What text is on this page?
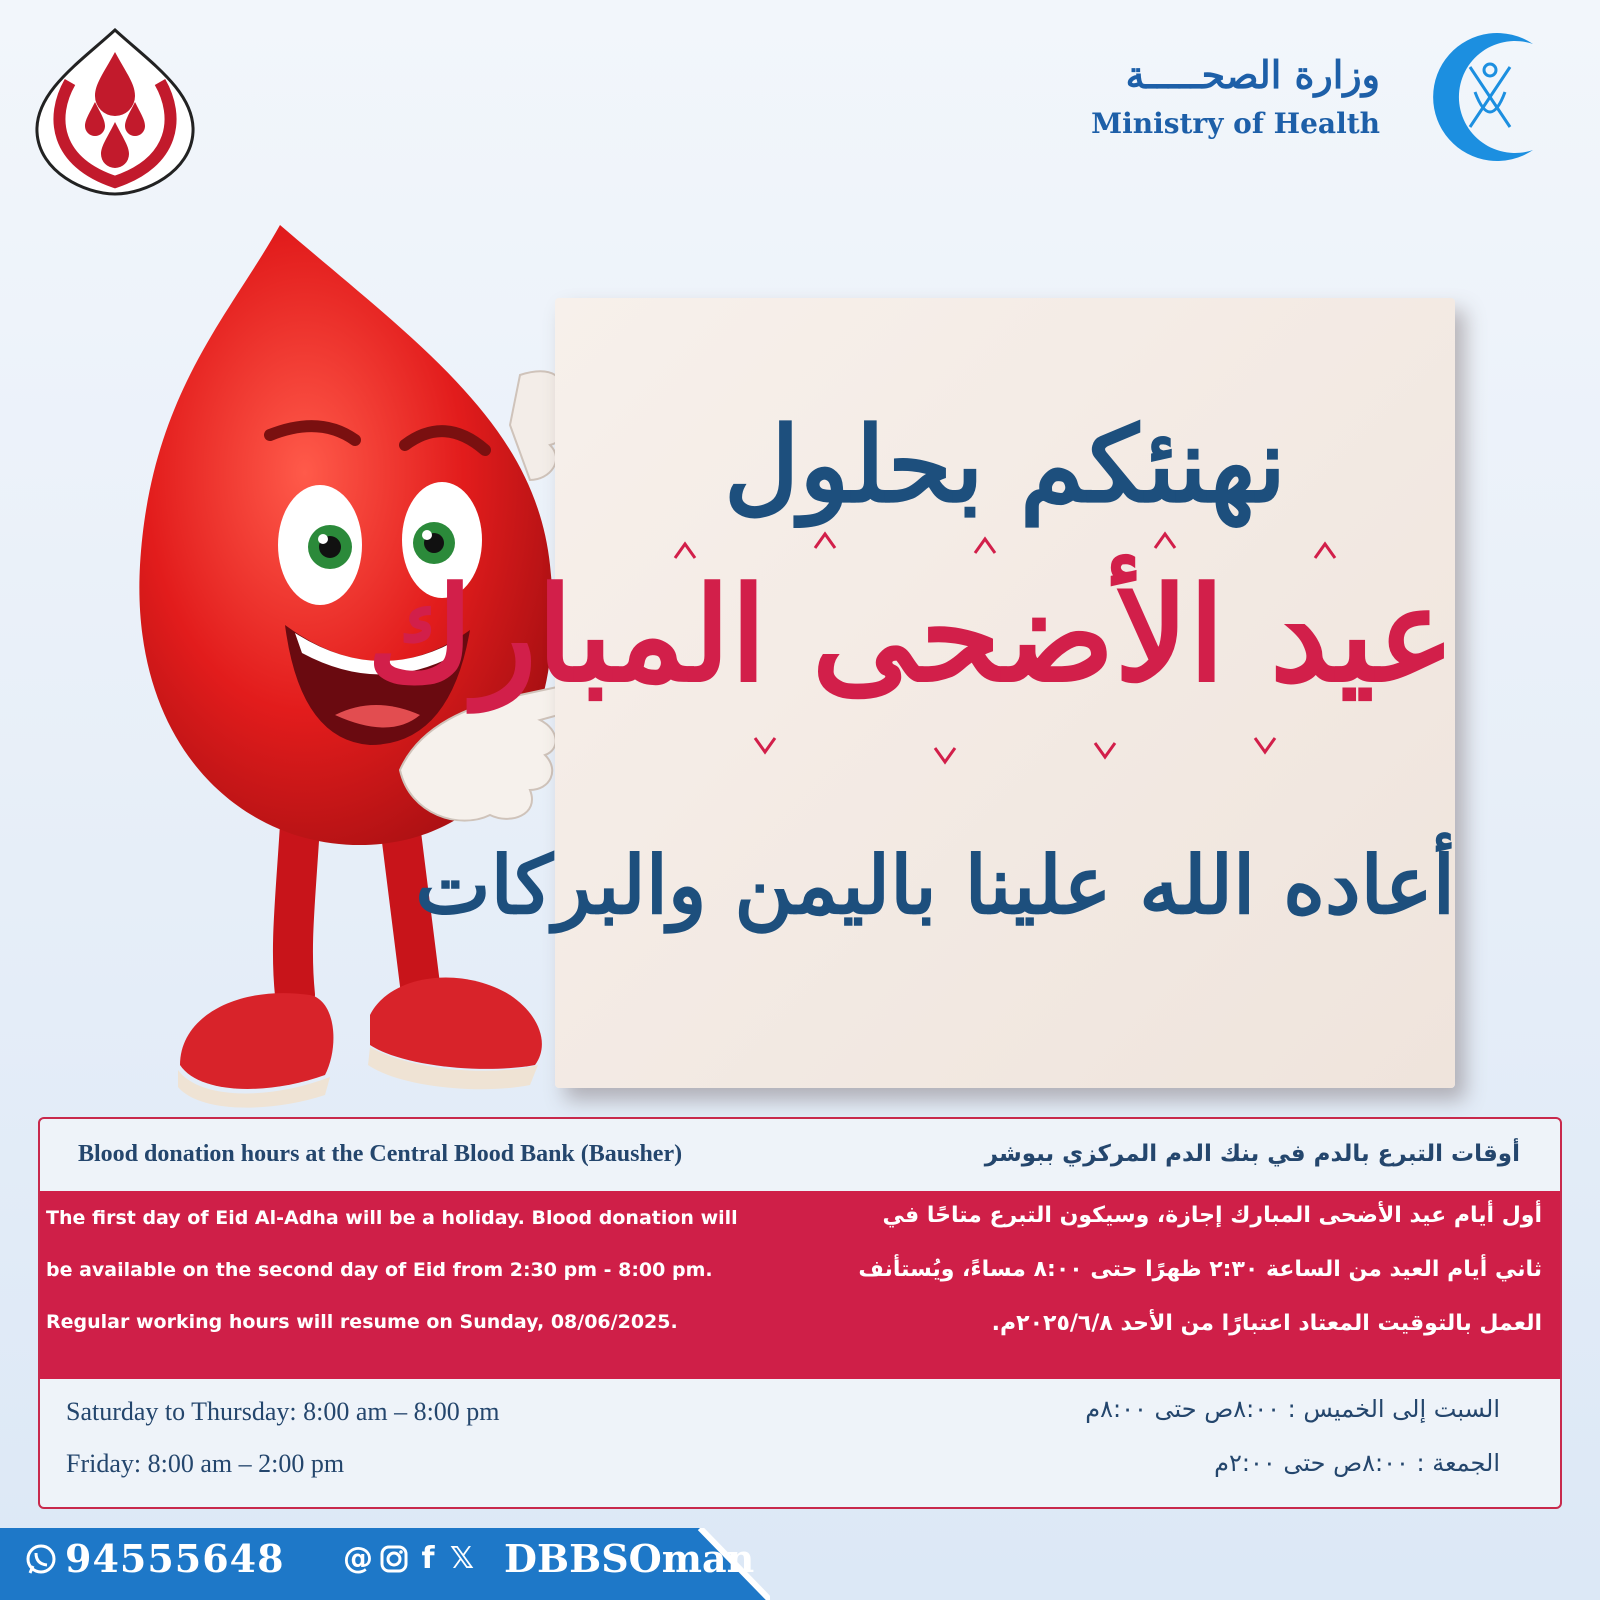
وزارة الصحـــــة
Ministry of Health
نهنئكم بحلول
عيد الأضحى المبارك
أعاده الله علينا باليمن والبركات
Blood donation hours at the Central Blood Bank (Bausher)	أوقات التبرع بالدم في بنك الدم المركزي ببوشر
The first day of Eid Al-Adha will be a holiday. Blood donation will
be available on the second day of Eid from 2:30 pm - 8:00 pm.
Regular working hours will resume on Sunday, 08/06/2025.
أول أيام عيد الأضحى المبارك إجازة، وسيكون التبرع متاحًا في
ثاني أيام العيد من الساعة ٢:٣٠ ظهرًا حتى ٨:٠٠ مساءً، ويُستأنف
العمل بالتوقيت المعتاد اعتبارًا من الأحد ٢٠٢٥/٦/٨م.
Saturday to Thursday: 8:00 am – 8:00 pm
Friday: 8:00 am – 2:00 pm
السبت إلى الخميس : ٨:٠٠ص حتى ٨:٠٠م
الجمعة : ٨:٠٠ص حتى ٢:٠٠م
94555648 @	f 𝕏 DBBSOman
